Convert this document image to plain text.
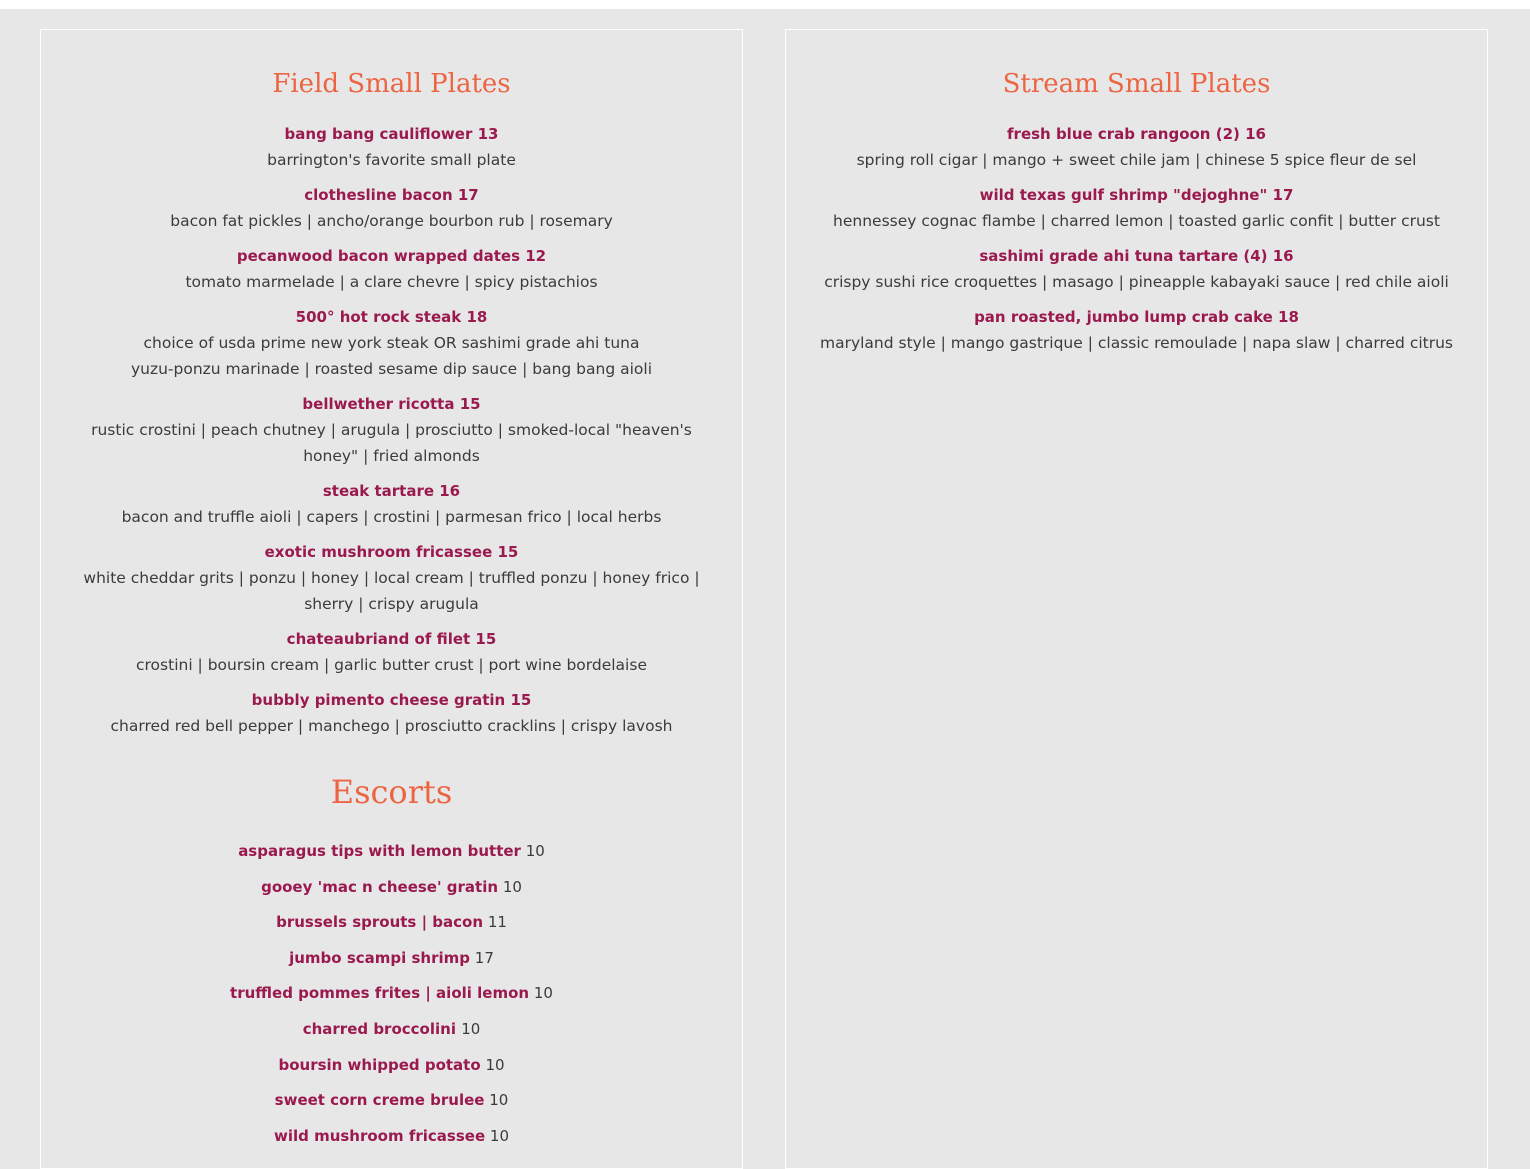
Field Small Plates
bang bang cauliflower 13
barrington's favorite small plate
clothesline bacon 17
bacon fat pickles | ancho/orange bourbon rub | rosemary
pecanwood bacon wrapped dates 12
tomato marmelade | a clare chevre | spicy pistachios
500° hot rock steak 18
choice of usda prime new york steak OR sashimi grade ahi tuna
yuzu-ponzu marinade | roasted sesame dip sauce | bang bang aioli
bellwether ricotta 15
rustic crostini | peach chutney | arugula | prosciutto | smoked-local "heaven's honey" | fried almonds
steak tartare 16
bacon and truffle aioli | capers | crostini | parmesan frico | local herbs
exotic mushroom fricassee 15
white cheddar grits | ponzu | honey | local cream | truffled ponzu | honey frico | sherry | crispy arugula
chateaubriand of filet 15
crostini | boursin cream | garlic butter crust | port wine bordelaise
bubbly pimento cheese gratin 15
charred red bell pepper | manchego | prosciutto cracklins | crispy lavosh
Escorts
asparagus tips with lemon butter 10
gooey 'mac n cheese' gratin 10
brussels sprouts | bacon 11
jumbo scampi shrimp 17
truffled pommes frites | aioli lemon 10
charred broccolini 10
boursin whipped potato 10
sweet corn creme brulee 10
wild mushroom fricassee 10
Stream Small Plates
fresh blue crab rangoon (2) 16
spring roll cigar | mango + sweet chile jam | chinese 5 spice fleur de sel
wild texas gulf shrimp "dejoghne" 17
hennessey cognac flambe | charred lemon | toasted garlic confit | butter crust
sashimi grade ahi tuna tartare (4) 16
crispy sushi rice croquettes | masago | pineapple kabayaki sauce | red chile aioli
pan roasted, jumbo lump crab cake 18
maryland style | mango gastrique | classic remoulade | napa slaw | charred citrus
